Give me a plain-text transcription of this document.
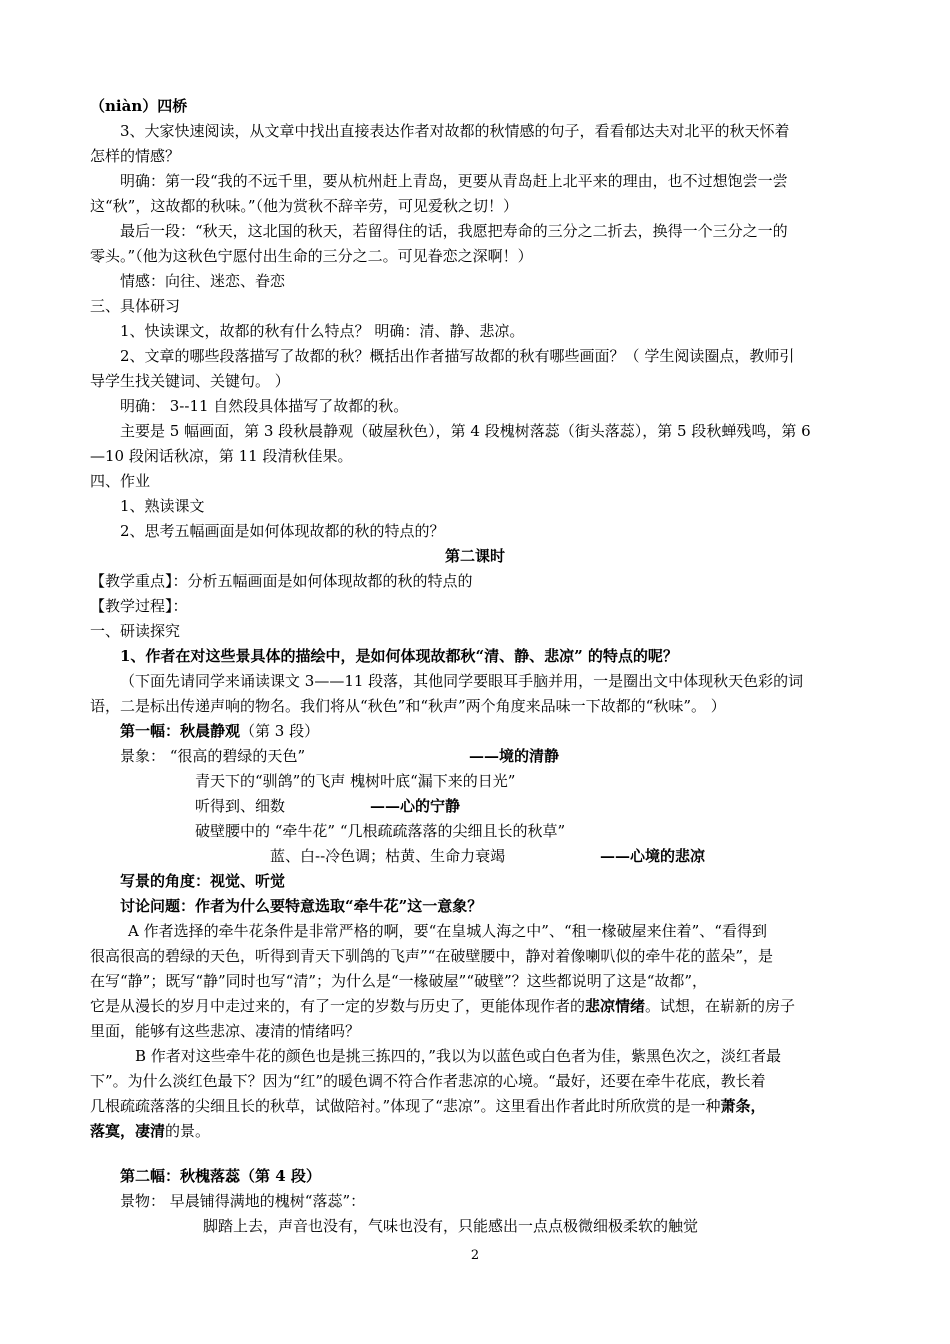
（niàn）四桥
3、大家快速阅读，从文章中找出直接表达作者对故都的秋情感的句子，看看郁达夫对北平的秋天怀着
怎样的情感？
明确：第一段“我的不远千里，要从杭州赶上青岛，更要从青岛赶上北平来的理由，也不过想饱尝一尝
这“秋”，这故都的秋味。”（他为赏秋不辞辛劳，可见爱秋之切！）
最后一段：“秋天，这北国的秋天，若留得住的话，我愿把寿命的三分之二折去，换得一个三分之一的
零头。”（他为这秋色宁愿付出生命的三分之二。可见眷恋之深啊！）
情感：向往、迷恋、眷恋
三、具体研习
1、快读课文，故都的秋有什么特点？ 明确：清、静、悲凉。
2、文章的哪些段落描写了故都的秋？概括出作者描写故都的秋有哪些画面？（ 学生阅读圈点，教师引
导学生找关键词、关键句。 ）
明确： 3--11 自然段具体描写了故都的秋。
主要是 5 幅画面，第 3 段秋晨静观（破屋秋色），第 4 段槐树落蕊（街头落蕊），第 5 段秋蝉残鸣，第 6
—10 段闲话秋凉，第 11 段清秋佳果。
四、作业
1、熟读课文
2、思考五幅画面是如何体现故都的秋的特点的？
第二课时
【教学重点】：分析五幅画面是如何体现故都的秋的特点的
【教学过程】：
一、研读探究
1、作者在对这些景具体的描绘中，是如何体现故都秋“清、静、悲凉” 的特点的呢？
（下面先请同学来诵读课文 3——11 段落，其他同学要眼耳手脑并用，一是圈出文中体现秋天色彩的词
语，二是标出传递声响的物名。我们将从“秋色”和“秋声”两个角度来品味一下故都的“秋味”。 ）
第一幅：秋晨静观（第 3 段）
景象： “很高的碧绿的天色”	——境的清静
青天下的“驯鸽”的飞声 槐树叶底“漏下来的日光”
听得到、细数	——心的宁静
破壁腰中的 “牵牛花” “几根疏疏落落的尖细且长的秋草”
蓝、白--冷色调；枯黄、生命力衰竭	——心境的悲凉
写景的角度：视觉、听觉
讨论问题：作者为什么要特意选取“牵牛花”这一意象？
A 作者选择的牵牛花条件是非常严格的啊，要“在皇城人海之中”、“租一椽破屋来住着”、“看得到
很高很高的碧绿的天色，听得到青天下驯鸽的飞声”“在破壁腰中，静对着像喇叭似的牵牛花的蓝朵”，是
在写“静”；既写“静”同时也写“清”；为什么是“一椽破屋”“破壁”？这些都说明了这是“故都”，
它是从漫长的岁月中走过来的，有了一定的岁数与历史了，更能体现作者的悲凉情绪。试想，在崭新的房子
里面，能够有这些悲凉、凄清的情绪吗？
B 作者对这些牵牛花的颜色也是挑三拣四的，”我以为以蓝色或白色者为佳，紫黑色次之，淡红者最
下”。为什么淡红色最下？因为“红”的暖色调不符合作者悲凉的心境。“最好，还要在牵牛花底，教长着
几根疏疏落落的尖细且长的秋草，试做陪衬。”体现了“悲凉”。这里看出作者此时所欣赏的是一种萧条，
落寞，凄清的景。
第二幅：秋槐落蕊（第 4 段）
景物： 早晨铺得满地的槐树“落蕊”：
脚踏上去，声音也没有，气味也没有，只能感出一点点极微细极柔软的触觉
2
